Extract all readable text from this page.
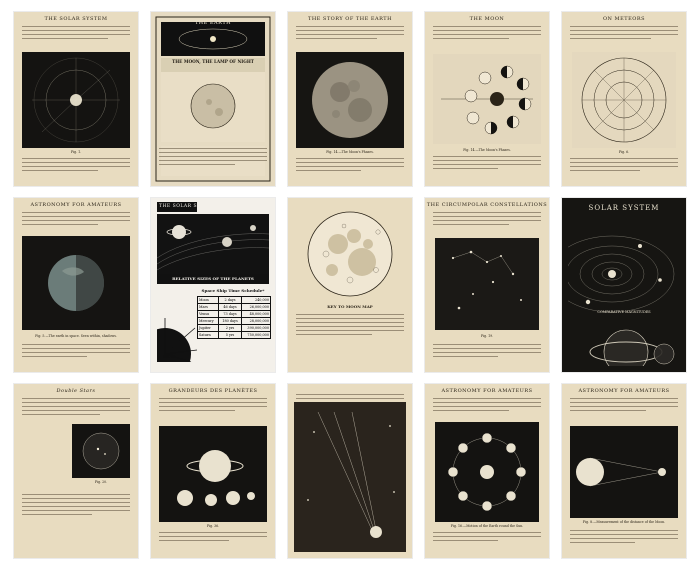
THE SOLAR SYSTEM
Fig. 1.
THE EARTH
THE MOON, THE LAMP OF NIGHT
THE STORY OF THE EARTH
Fig. 14.—The Moon's Phases.
THE MOON
Fig. 14.—The Moon's Phases.
ON METEORS
Fig. 6.
ASTRONOMY FOR AMATEURS
Fig. 5.—The earth in space. Seen within, shadows.
THE SOLAR SYSTEM
RELATIVE SIZES OF THE PLANETS
Space Ship Time Schedule*
Moon	2 days	240,000
Mars	46 days	26,000,000
Venus	73 days	48,000,000
Mercury	180 days	28,000,000
Jupiter	2 yrs	390,000,000
Saturn	5 yrs	750,000,000
SUN
KEY TO MOON MAP
THE CIRCUMPOLAR CONSTELLATIONS
Fig. 19.
SOLAR SYSTEM
COMPARATIVE MAGNITUDES
Double Stars
Fig. 20.
GRANDEURS DES PLANÈTES
Fig. 36.
ASTRONOMY FOR AMATEURS
Fig. 16.—Motion of the Earth round the Sun.
ASTRONOMY FOR AMATEURS
Fig. 8.—Measurement of the distance of the Moon.
